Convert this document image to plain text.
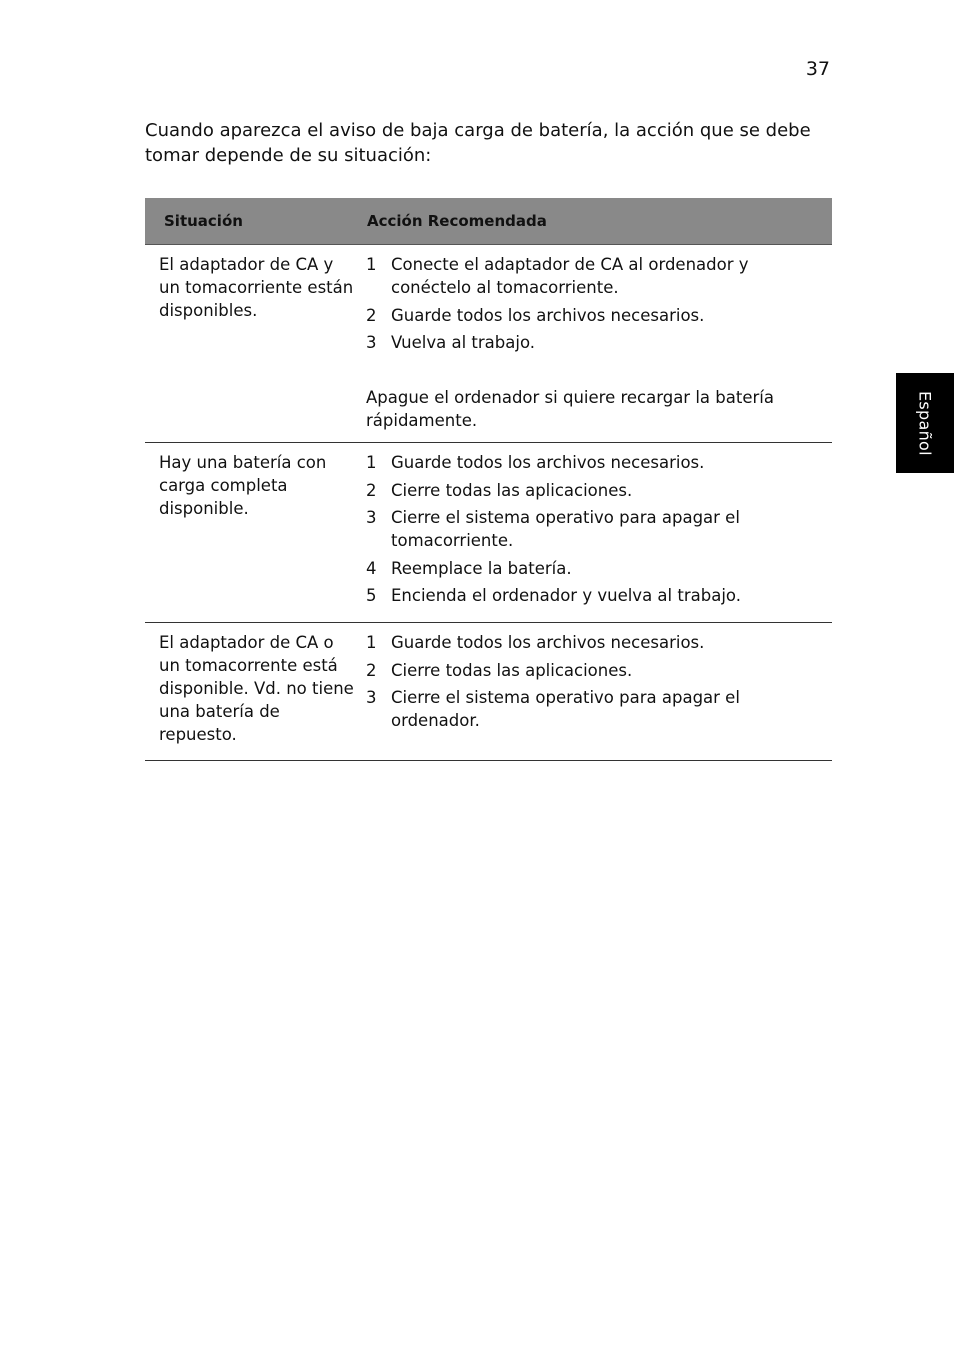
37
Español

Cuando aparezca el aviso de baja carga de batería, la acción que se debe tomar depende de su situación:

Situación	Acción Recomendada
El adaptador de CA y un tomacorriente están disponibles.
1 Conecte el adaptador de CA al ordenador y conéctelo al tomacorriente.
2 Guarde todos los archivos necesarios.
3 Vuelva al trabajo.

Apague el ordenador si quiere recargar la batería rápidamente.

Hay una batería con carga completa disponible.
1 Guarde todos los archivos necesarios.
2 Cierre todas las aplicaciones.
3 Cierre el sistema operativo para apagar el tomacorriente.
4 Reemplace la batería.
5 Encienda el ordenador y vuelva al trabajo.
El adaptador de CA o un tomacorrente está disponible. Vd. no tiene una batería de repuesto.
1 Guarde todos los archivos necesarios.
2 Cierre todas las aplicaciones.
3 Cierre el sistema operativo para apagar el ordenador.
